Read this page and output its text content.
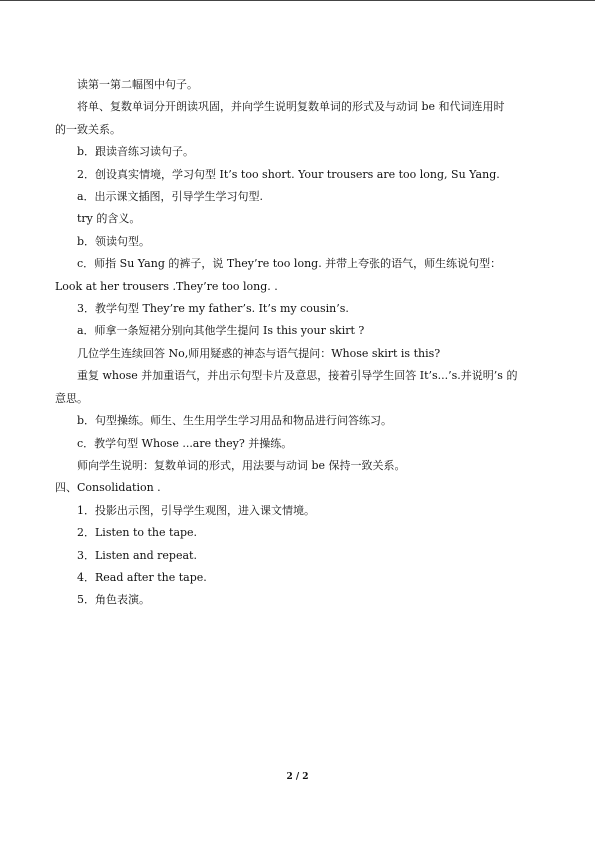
读第一第二幅图中句子。
将单、复数单词分开朗读巩固，并向学生说明复数单词的形式及与动词 be 和代词连用时
的一致关系。
b．跟读音练习读句子。
2．创设真实情境，学习句型 It’s too short. Your trousers are too long, Su Yang.
a．出示课文插图，引导学生学习句型.
try 的含义。
b．领读句型。
c．师指 Su Yang 的裤子，说 They’re too long. 并带上夸张的语气，师生练说句型：
Look at her trousers .They’re too long. .
3．教学句型 They’re my father’s. It’s my cousin’s.
a．师拿一条短裙分别向其他学生提问 Is this your skirt ?
几位学生连续回答 No,师用疑惑的神态与语气提问：Whose skirt is this?
重复 whose 并加重语气，并出示句型卡片及意思，接着引导学生回答 It’s...’s.并说明’s 的
意思。
b．句型操练。师生、生生用学生学习用品和物品进行问答练习。
c．教学句型 Whose ...are they? 并操练。
师向学生说明：复数单词的形式，用法要与动词 be 保持一致关系。
四、Consolidation .
1．投影出示图，引导学生观图，进入课文情境。
2．Listen to the tape.
3．Listen and repeat.
4．Read after the tape.
5．角色表演。
2 / 2
